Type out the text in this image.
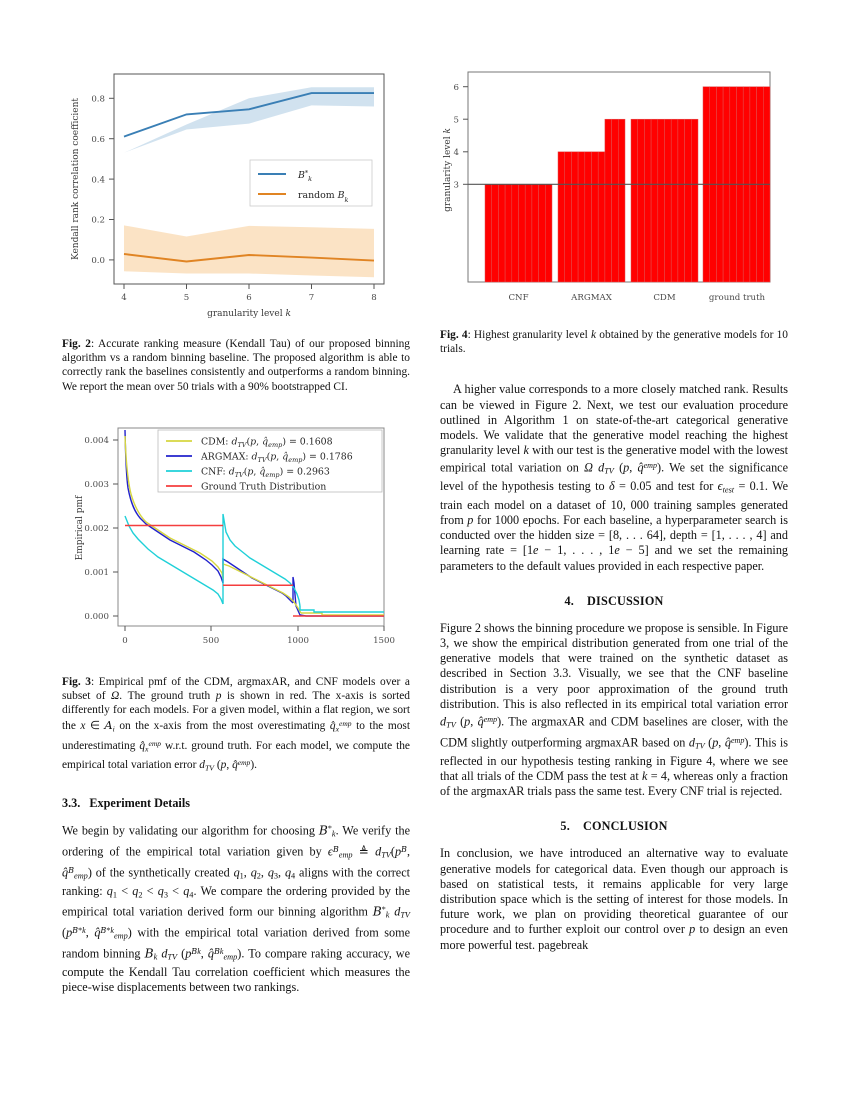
0.8
0.6
0.4
0.2
0.0
4	5	6	7	8
Kendall rank correlation coefficient
granularity level k
$B^*_k$
random $B_k$

Fig. 2: Accurate ranking measure (Kendall Tau) of our proposed binning algorithm vs a random binning baseline. The proposed algorithm is able to correctly rank the baselines consistently and outperforms a random binning. We report the mean over 50 trials with a 90% bootstrapped CI.

0.004
0.003
0.002
0.001
0.000
0	500	1000	1500
Empirical pmf
CDM: $d_{TV}(p$, $q̂_{emp}) = 0.1608$
ARGMAX: $d_{TV}(p$, $q̂_{emp}) = 0.1786$
CNF: $d_{TV}(p$, $q̂_{emp}) = 0.2963$
Ground Truth Distribution

Fig. 3: Empirical pmf of the CDM, argmaxAR, and CNF models over a subset of Ω. The ground truth p is shown in red. The x-axis is sorted differently for each models. For a given model, within a flat region, we sort the x ∈ $A_i$ on the x-axis from the most overestimating $q̂_x^{emp}$ to the most underestimating $q̂_x^{emp}$ w.r.t. ground truth. For each model, we compute the empirical total variation error $d_{TV}$ (p, q̂$^{emp}$).

3.3. Experiment Details

We begin by validating our algorithm for choosing $B^*_k$. We verify the ordering of the empirical total variation given by $\epsilon^B_{emp}$ ≜ $d_{TV}(p^B$, q̂$^B_{emp}$) of the synthetically created $q_1$, $q_2$, $q_3$, $q_4$ aligns with the correct ranking: $q_1 < q_2 < q_3 < q_4$. We compare the ordering provided by the empirical total variation derived form our binning algorithm $B^*_k$ $d_{TV}$ ($p^{B*k}$, q̂$^{B*k}_{emp}$) with the empirical total variation derived from some random binning $B_k$ $d_{TV}$ ($p^{Bk}$, q̂$^{Bk}_{emp}$). To compare raking accuracy, we compute the Kendall Tau correlation coefficient which measures the piece-wise displacements between two rankings.

3
4
5
6
CNF	ARGMAX	CDM	ground truth
granularity level k

Fig. 4: Highest granularity level k obtained by the generative models for 10 trials.

A higher value corresponds to a more closely matched rank. Results can be viewed in Figure 2. Next, we test our evaluation procedure outlined in Algorithm 1 on state-of-the-art categorical generative models. We validate that the generative model reaching the highest granularity level k with our test is the generative model with the lowest empirical total variation on Ω $d_{TV}$ (p, q̂$^{emp}$). We set the significance level of the hypothesis testing to δ = 0.05 and test for $\epsilon_{test} = 0.1$. We train each model on a dataset of 10, 000 training samples generated from p for 1000 epochs. For each baseline, a hyperparameter search is conducted over the hidden size = [8, . . . 64], depth = [1, . . . , 4] and learning rate = [1e − 1, . . . , 1e − 5] and we set the remaining parameters to the default values provided in each respective paper.

4. DISCUSSION

Figure 2 shows the binning procedure we propose is sensible. In Figure 3, we show the empirical distribution generated from one trial of the generative models that were trained on the synthetic dataset as described in Section 3.3. Visually, we see that the CNF baseline distribution is a very poor approximation of the ground truth distribution. This is also reflected in its empirical total variation error $d_{TV}$ (p, q̂$^{emp}$). The argmaxAR and CDM baselines are closer, with the CDM slightly outperforming argmaxAR based on $d_{TV}$ (p, q̂$^{emp}$). This is reflected in our hypothesis testing ranking in Figure 4, where we see that all trials of the CDM pass the test at k = 4, whereas only a fraction of the argmaxAR trials pass the same test. Every CNF trial is rejected.

5. CONCLUSION

In conclusion, we have introduced an alternative way to evaluate generative models for categorical data. Even though our approach is based on statistical tests, it remains applicable for very large distribution space which is the setting of interest for those models. In future work, we plan on providing theoretical guarantee of our procedure and to further exploit our control over p to design an even more powerful test. pagebreak
